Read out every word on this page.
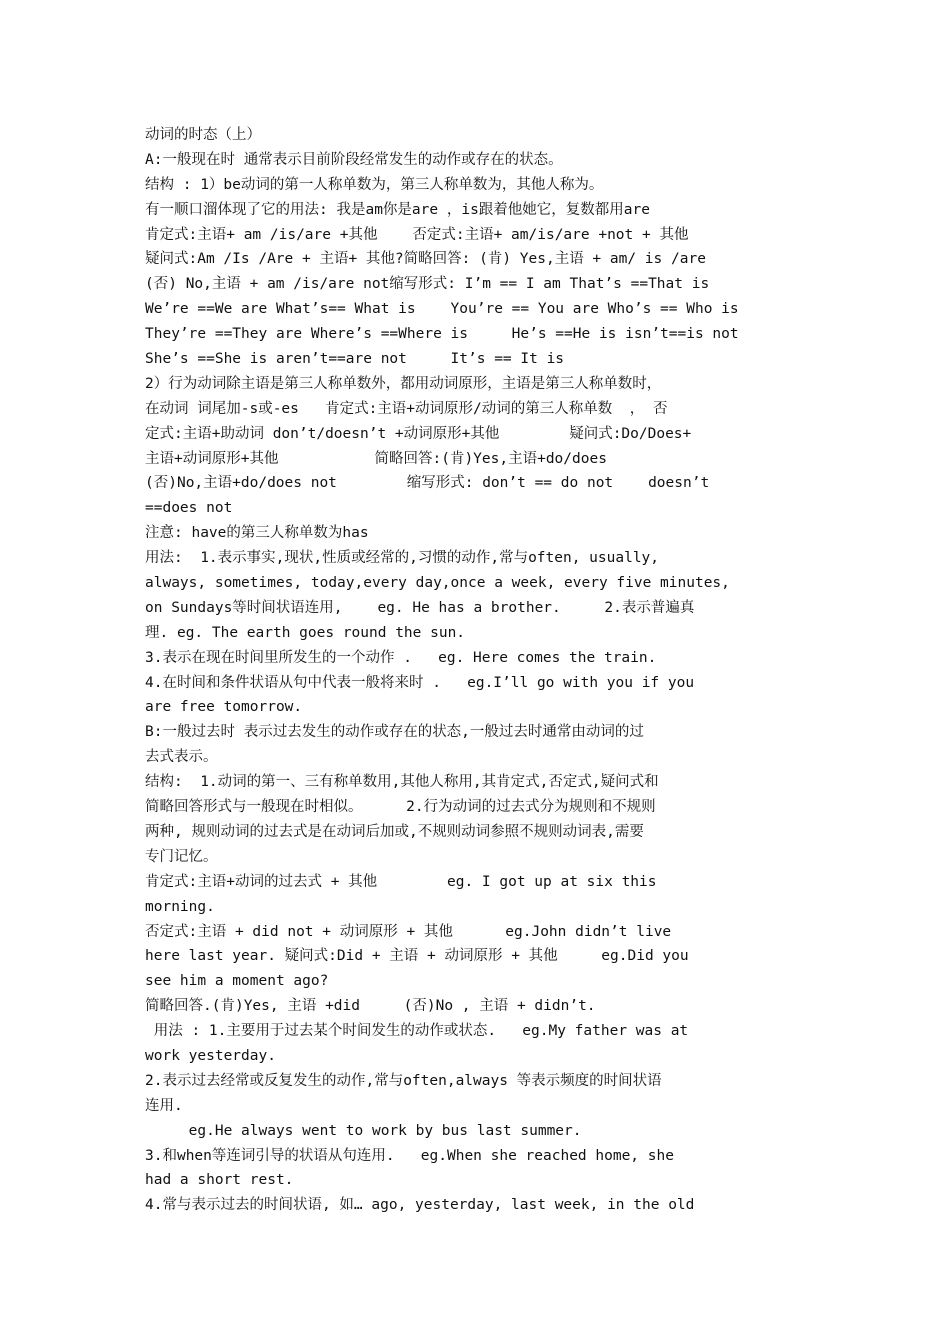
动词的时态（上）
A:一般现在时 通常表示目前阶段经常发生的动作或存在的状态。
结构 : 1）be动词的第一人称单数为，第三人称单数为，其他人称为。
有一顺口溜体现了它的用法: 我是am你是are ，is跟着他她它，复数都用are
肯定式:主语+ am /is/are +其他    否定式:主语+ am/is/are +not + 其他
疑问式:Am /Is /Are + 主语+ 其他?简略回答: (肯) Yes,主语 + am/ is /are
(否) No,主语 + am /is/are not缩写形式: I’m == I am That’s ==That is
We’re ==We are What’s== What is    You’re == You are Who’s == Who is
They’re ==They are Where’s ==Where is     He’s ==He is isn’t==is not
She’s ==She is aren’t==are not     It’s == It is
2）行为动词除主语是第三人称单数外，都用动词原形，主语是第三人称单数时，
在动词 词尾加-s或-es   肯定式:主语+动词原形/动词的第三人称单数  ， 否
定式:主语+助动词 don’t/doesn’t +动词原形+其他        疑问式:Do/Does+
主语+动词原形+其他           简略回答:(肯)Yes,主语+do/does
(否)No,主语+do/does not        缩写形式: don’t == do not    doesn’t
==does not
注意: have的第三人称单数为has
用法:  1.表示事实,现状,性质或经常的,习惯的动作,常与often, usually,
always, sometimes, today,every day,once a week, every five minutes,
on Sundays等时间状语连用,    eg. He has a brother.     2.表示普遍真
理. eg. The earth goes round the sun.
3.表示在现在时间里所发生的一个动作 .   eg. Here comes the train.
4.在时间和条件状语从句中代表一般将来时 .   eg.I’ll go with you if you
are free tomorrow.
B:一般过去时 表示过去发生的动作或存在的状态,一般过去时通常由动词的过
去式表示。
结构:  1.动词的第一、三有称单数用,其他人称用,其肯定式,否定式,疑问式和
简略回答形式与一般现在时相似。     2.行为动词的过去式分为规则和不规则
两种, 规则动词的过去式是在动词后加或,不规则动词参照不规则动词表,需要
专门记忆。
肯定式:主语+动词的过去式 + 其他        eg. I got up at six this
morning.
否定式:主语 + did not + 动词原形 + 其他      eg.John didn’t live
here last year. 疑问式:Did + 主语 + 动词原形 + 其他     eg.Did you
see him a moment ago?
简略回答.(肯)Yes, 主语 +did     (否)No , 主语 + didn’t.
用法 : 1.主要用于过去某个时间发生的动作或状态.   eg.My father was at
work yesterday.
2.表示过去经常或反复发生的动作,常与often,always 等表示频度的时间状语
连用.
eg.He always went to work by bus last summer.
3.和when等连词引导的状语从句连用.   eg.When she reached home, she
had a short rest.
4.常与表示过去的时间状语, 如… ago, yesterday, last week, in the old
